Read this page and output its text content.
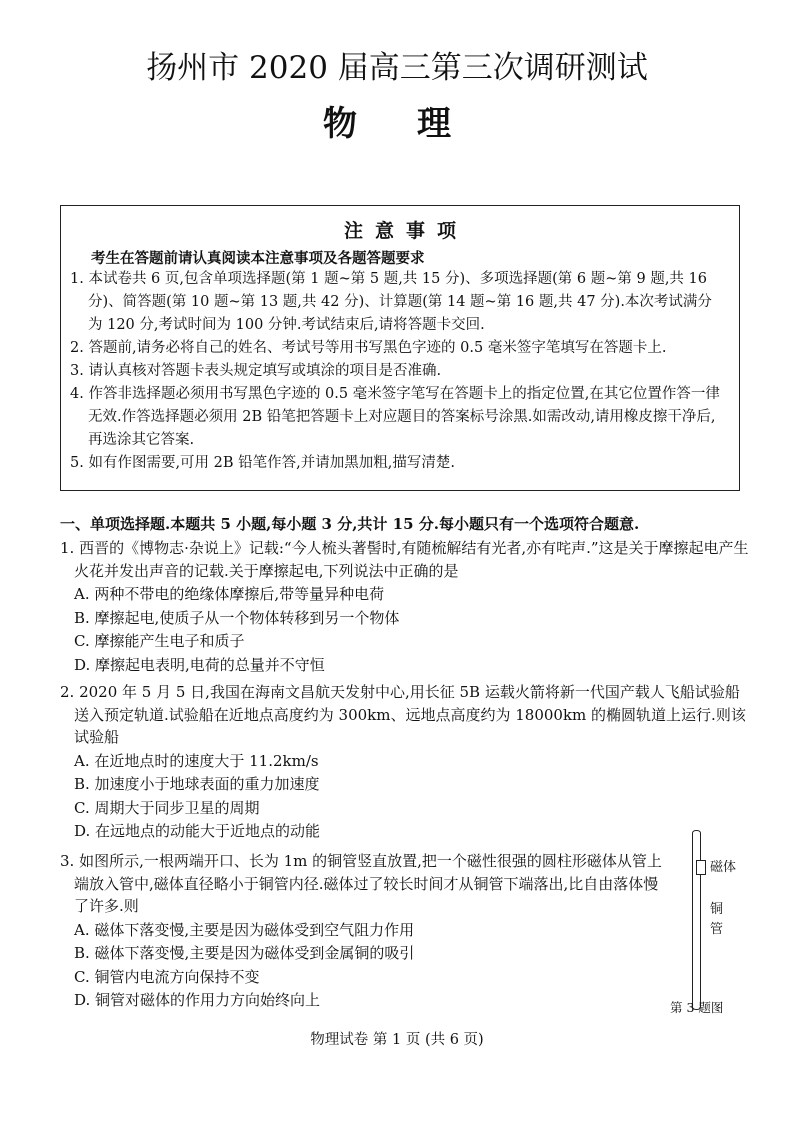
扬州市 2020 届高三第三次调研测试
物理
注意事项
考生在答题前请认真阅读本注意事项及各题答题要求
1. 本试卷共 6 页,包含单项选择题(第 1 题~第 5 题,共 15 分)、多项选择题(第 6 题~第 9 题,共 16 分)、简答题(第 10 题~第 13 题,共 42 分)、计算题(第 14 题~第 16 题,共 47 分).本次考试满分为 120 分,考试时间为 100 分钟.考试结束后,请将答题卡交回.
2. 答题前,请务必将自己的姓名、考试号等用书写黑色字迹的 0.5 毫米签字笔填写在答题卡上.
3. 请认真核对答题卡表头规定填写或填涂的项目是否准确.
4. 作答非选择题必须用书写黑色字迹的 0.5 毫米签字笔写在答题卡上的指定位置,在其它位置作答一律无效.作答选择题必须用 2B 铅笔把答题卡上对应题目的答案标号涂黑.如需改动,请用橡皮擦干净后,再选涂其它答案.
5. 如有作图需要,可用 2B 铅笔作答,并请加黑加粗,描写清楚.
一、单项选择题.本题共 5 小题,每小题 3 分,共计 15 分.每小题只有一个选项符合题意.
1. 西晋的《博物志·杂说上》记载:“今人梳头著髻时,有随梳解结有光者,亦有咤声.”这是关于摩擦起电产生火花并发出声音的记载.关于摩擦起电,下列说法中正确的是
A. 两种不带电的绝缘体摩擦后,带等量异种电荷
B. 摩擦起电,使质子从一个物体转移到另一个物体
C. 摩擦能产生电子和质子
D. 摩擦起电表明,电荷的总量并不守恒
2. 2020 年 5 月 5 日,我国在海南文昌航天发射中心,用长征 5B 运载火箭将新一代国产载人飞船试验船送入预定轨道.试验船在近地点高度约为 300km、远地点高度约为 18000km 的椭圆轨道上运行.则该试验船
A. 在近地点时的速度大于 11.2km/s
B. 加速度小于地球表面的重力加速度
C. 周期大于同步卫星的周期
D. 在远地点的动能大于近地点的动能
3. 如图所示,一根两端开口、长为 1m 的铜管竖直放置,把一个磁性很强的圆柱形磁体从管上端放入管中,磁体直径略小于铜管内径.磁体过了较长时间才从铜管下端落出,比自由落体慢了许多.则
A. 磁体下落变慢,主要是因为磁体受到空气阻力作用
B. 磁体下落变慢,主要是因为磁体受到金属铜的吸引
C. 铜管内电流方向保持不变
D. 铜管对磁体的作用力方向始终向上
磁体
铜
管
第 3 题图
物理试卷 第 1 页 (共 6 页)
